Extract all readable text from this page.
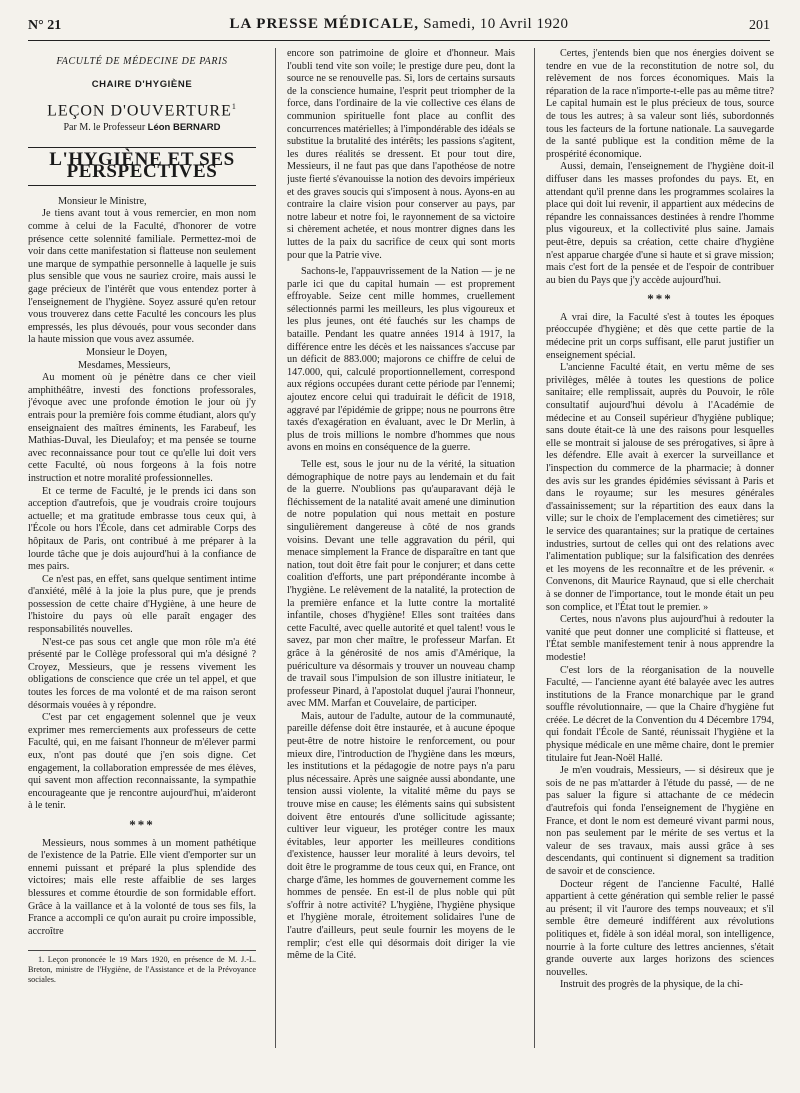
N° 21	LA PRESSE MÉDICALE, Samedi, 10 Avril 1920	201
FACULTÉ DE MÉDECINE DE PARIS
CHAIRE D'HYGIÈNE
LEÇON D'OUVERTURE$^1$
Par M. le Professeur Léon BERNARD
L'HYGIÈNE ET SES PERSPECTIVES

Monsieur le Ministre,

Je tiens avant tout à vous remercier, en mon nom comme à celui de la Faculté, d'honorer de votre présence cette solennité familiale. Permettez-moi de voir dans cette manifestation si flatteuse non seulement une marque de sympathie personnelle à laquelle je suis plus sensible que vous ne sauriez croire, mais aussi le gage précieux de l'intérêt que vous entendez porter à l'enseignement de l'hygiène. Soyez assuré qu'en retour vous trouverez dans cette Faculté les concours les plus empressés, les plus dévoués, pour vous seconder dans la haute mission que vous avez assumée.

Monsieur le Doyen,

Mesdames, Messieurs,

Au moment où je pénètre dans ce cher vieil amphithéâtre, investi des fonctions professorales, j'évoque avec une profonde émotion le jour où j'y entrais pour la première fois comme étudiant, alors qu'y enseignaient des maîtres éminents, les Farabeuf, les Mathias-Duval, les Dieulafoy; et ma pensée se tourne avec reconnaissance pour tout ce qu'elle lui doit vers cette Faculté, où nous forgeons à la fois notre instruction et notre moralité professionnelles.

Et ce terme de Faculté, je le prends ici dans son acception d'autrefois, que je voudrais croire toujours actuelle; et ma gratitude embrasse tous ceux qui, à l'École ou hors l'École, dans cet admirable Corps des hôpitaux de Paris, ont contribué à me préparer à la lourde tâche que je dois aujourd'hui à la confiance de mes pairs.

Ce n'est pas, en effet, sans quelque sentiment intime d'anxiété, mêlé à la joie la plus pure, que je prends possession de cette chaire d'Hygiène, à une heure de l'histoire du pays où elle paraît engager des responsabilités nouvelles.

N'est-ce pas sous cet angle que mon rôle m'a été présenté par le Collège professoral qui m'a désigné ? Croyez, Messieurs, que je ressens vivement les obligations de conscience que crée un tel appel, et que toutes les forces de ma volonté et de ma raison seront désormais vouées à y répondre.

C'est par cet engagement solennel que je veux exprimer mes remerciements aux professeurs de cette Faculté, qui, en me faisant l'honneur de m'élever parmi eux, n'ont pas douté que j'en sois digne. Cet engagement, la collaboration empressée de mes élèves, qui savent mon affection reconnaissante, la sympathie encourageante que je rencontre aujourd'hui, m'aideront à le tenir.

***

Messieurs, nous sommes à un moment pathétique de l'existence de la Patrie. Elle vient d'emporter sur un ennemi puissant et préparé la plus splendide des victoires; mais elle reste affaiblie de ses larges blessures et comme étourdie de son formidable effort. Grâce à la vaillance et à la volonté de tous ses fils, la France a accompli ce qu'on aurait pu croire impossible, accroître

1. Leçon prononcée le 19 Mars 1920, en présence de M. J.-L. Breton, ministre de l'Hygiène, de l'Assistance et de la Prévoyance sociales.

encore son patrimoine de gloire et d'honneur. Mais l'oubli tend vite son voile; le prestige dure peu, dont la source ne se renouvelle pas. Si, lors de certains sursauts de la conscience humaine, l'esprit peut triompher de la force, dans l'ordinaire de la vie collective ces élans de communion spirituelle font place au conflit des concurrences matérielles; à l'impondérable des idéals se substitue la brutalité des intérêts; les passions s'agitent, les dures réalités se dressent. Et pour tout dire, Messieurs, il ne faut pas que dans l'apothéose de notre juste fierté s'évanouisse la notion des devoirs impérieux et des graves soucis qui s'imposent à nous. Ayons-en au contraire la claire vision pour conserver au pays, par notre labeur et notre foi, le rayonnement de sa victoire si chèrement achetée, et nous montrer dignes dans les luttes de la paix du sacrifice de ceux qui sont morts pour que la Patrie vive.

Sachons-le, l'appauvrissement de la Nation — je ne parle ici que du capital humain — est proprement effroyable. Seize cent mille hommes, cruellement sélectionnés parmi les meilleurs, les plus vigoureux et les plus jeunes, ont été fauchés sur les champs de bataille. Pendant les quatre années 1914 à 1917, la différence entre les décès et les naissances s'accuse par un déficit de 883.000; majorons ce chiffre de celui de 147.000, qui, calculé proportionnellement, correspond aux régions occupées durant cette période par l'ennemi; ajoutez encore celui qui traduirait le déficit de 1918, aggravé par l'épidémie de grippe; nous ne pourrons être taxés d'exagération en évaluant, avec le Dr Merlin, à plus de trois millions le nombre d'hommes que nous avons en moins en conséquence de la guerre.

Telle est, sous le jour nu de la vérité, la situation démographique de notre pays au lendemain et du fait de la guerre. N'oublions pas qu'auparavant déjà le fléchissement de la natalité avait amené une diminution de notre population qui nous mettait en posture singulièrement dangereuse à côté de nos grands voisins. Devant une telle aggravation du péril, qui menace simplement la France de disparaître en tant que nation, tout doit être fait pour le conjurer; et dans cette coalition d'efforts, une part prépondérante incombe à l'hygiène. Le relèvement de la natalité, la protection de la première enfance et la lutte contre la mortalité infantile, choses d'hygiène! Elles sont traitées dans cette Faculté, avec quelle autorité et quel talent! vous le savez, par mon cher maître, le professeur Marfan. Et grâce à la générosité de nos amis d'Amérique, la puériculture va désormais y trouver un nouveau champ de travail sous l'impulsion de son illustre initiateur, le professeur Pinard, à l'apostolat duquel j'aurai l'honneur, avec MM. Marfan et Couvelaire, de participer.

Mais, autour de l'adulte, autour de la communauté, pareille défense doit être instaurée, et à aucune époque peut-être de notre histoire le renforcement, ou pour mieux dire, l'introduction de l'hygiène dans les mœurs, les institutions et la pédagogie de notre pays n'a paru plus nécessaire. Après une saignée aussi abondante, une tension aussi violente, la vitalité même du pays se trouve mise en cause; les éléments sains qui subsistent doivent être entourés d'une sollicitude agissante; cultiver leur vigueur, les protéger contre les maux évitables, leur apporter les meilleures conditions d'existence, hausser leur moralité à leurs devoirs, tel doit être le programme de tous ceux qui, en France, ont charge d'âme, les hommes de gouvernement comme les hommes de pensée. En est-il de plus noble qui pût s'offrir à notre activité? L'hygiène, l'hygiène physique et l'hygiène morale, étroitement solidaires l'une de l'autre d'ailleurs, peut seule fournir les moyens de le remplir; c'est elle qui désormais doit diriger la vie même de la Cité.

Certes, j'entends bien que nos énergies doivent se tendre en vue de la reconstitution de notre sol, du relèvement de nos forces économiques. Mais la réparation de la race n'importe-t-elle pas au même titre? Le capital humain est le plus précieux de tous, source de tous les autres; à sa valeur sont liés, subordonnés tous les facteurs de la fortune nationale. La sauvegarde de la santé publique est la condition même de la prospérité économique.

Aussi, demain, l'enseignement de l'hygiène doit-il diffuser dans les masses profondes du pays. Et, en attendant qu'il prenne dans les programmes scolaires la place qui doit lui revenir, il appartient aux médecins de répandre les connaissances destinées à rendre l'homme plus vigoureux, et la collectivité plus saine. Jamais peut-être, depuis sa création, cette chaire d'hygiène n'est apparue chargée d'une si haute et si grave mission; mais c'est fort de la pensée et de l'espoir de contribuer au bien du Pays que j'y accède aujourd'hui.

***

A vrai dire, la Faculté s'est à toutes les époques préoccupée d'hygiène; et dès que cette partie de la médecine prit un corps suffisant, elle parut justifier un enseignement spécial.

L'ancienne Faculté était, en vertu même de ses privilèges, mêlée à toutes les questions de police sanitaire; elle remplissait, auprès du Pouvoir, le rôle consultatif aujourd'hui dévolu à l'Académie de médecine et au Conseil supérieur d'hygiène publique; sans doute était-ce là une des raisons pour lesquelles elle se montrait si jalouse de ses prérogatives, si âpre à les défendre. Elle avait à exercer la surveillance et l'inspection du commerce de la pharmacie; à donner des avis sur les grandes épidémies sévissant à Paris et dans le royaume; sur les mesures générales d'assainissement; sur la répartition des eaux dans la ville; sur le choix de l'emplacement des cimetières; sur le service des quarantaines; sur la pratique de certaines industries, surtout de celles qui ont des relations avec l'alimentation publique; sur la falsification des denrées et les moyens de les reconnaître et de les prévenir. « Convenons, dit Maurice Raynaud, que si elle cherchait à se donner de l'importance, tout le monde était un peu son complice, et l'État tout le premier. »

Certes, nous n'avons plus aujourd'hui à redouter la vanité que peut donner une complicité si flatteuse, et l'État semble manifestement tenir à nous apprendre la modestie!

C'est lors de la réorganisation de la nouvelle Faculté, — l'ancienne ayant été balayée avec les autres institutions de la France monarchique par le grand souffle révolutionnaire, — que la Chaire d'hygiène fut créée. Le décret de la Convention du 4 Décembre 1794, qui fondait l'École de Santé, réunissait l'hygiène et la physique médicale en une même chaire, dont le premier titulaire fut Jean-Noël Hallé.

Je m'en voudrais, Messieurs, — si désireux que je sois de ne pas m'attarder à l'étude du passé, — de ne pas saluer la figure si attachante de ce médecin d'autrefois qui fonda l'enseignement de l'hygiène en France, et dont le nom est demeuré vivant parmi nous, non pas seulement par le mérite de ses vertus et la valeur de ses travaux, mais aussi grâce à ses descendants, qui continuent si dignement sa tradition de savoir et de conscience.

Docteur régent de l'ancienne Faculté, Hallé appartient à cette génération qui semble relier le passé au présent; il vit l'aurore des temps nouveaux; et s'il semble être demeuré indifférent aux révolutions politiques et, fidèle à son idéal moral, son intelligence, nourrie à la forte culture des lettres anciennes, s'était grande ouverte aux larges horizons des sciences nouvelles.

Instruit des progrès de la physique, de la chi-
